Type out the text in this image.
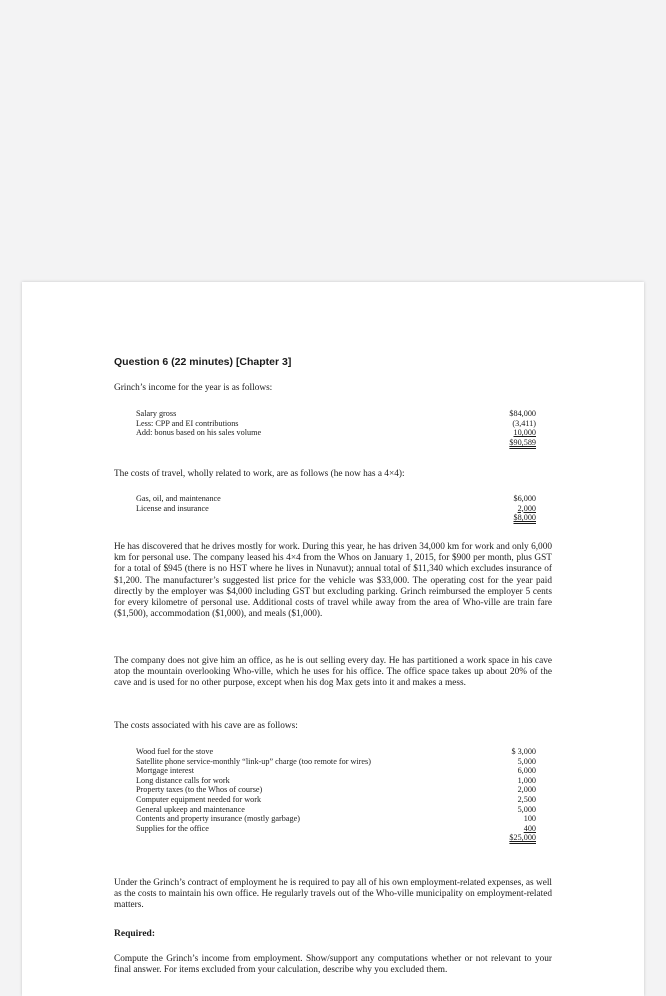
Question 6 (22 minutes) [Chapter 3]

Grinch’s income for the year is as follows:

Salary gross	$84,000
Less: CPP and EI contributions	(3,411)
Add: bonus based on his sales volume	10,000
$90,589

The costs of travel, wholly related to work, are as follows (he now has a 4×4):

Gas, oil, and maintenance	$6,000
License and insurance	2,000
$8,000

He has discovered that he drives mostly for work. During this year, he has driven 34,000 km for work and only 6,000 km for personal use. The company leased his 4×4 from the Whos on January 1, 2015, for $900 per month, plus GST for a total of $945 (there is no HST where he lives in Nunavut); annual total of $11,340 which excludes insurance of $1,200. The manufacturer’s suggested list price for the vehicle was $33,000. The operating cost for the year paid directly by the employer was $4,000 including GST but excluding parking. Grinch reimbursed the employer 5 cents for every kilometre of personal use. Additional costs of travel while away from the area of Who-ville are train fare ($1,500), accommodation ($1,000), and meals ($1,000).

The company does not give him an office, as he is out selling every day. He has partitioned a work space in his cave atop the mountain overlooking Who-ville, which he uses for his office. The office space takes up about 20% of the cave and is used for no other purpose, except when his dog Max gets into it and makes a mess.

The costs associated with his cave are as follows:

Wood fuel for the stove	$ 3,000
Satellite phone service-monthly “link-up” charge (too remote for wires)	5,000
Mortgage interest	6,000
Long distance calls for work	1,000
Property taxes (to the Whos of course)	2,000
Computer equipment needed for work	2,500
General upkeep and maintenance	5,000
Contents and property insurance (mostly garbage)	100
Supplies for the office	400
$25,000

Under the Grinch’s contract of employment he is required to pay all of his own employment-related expenses, as well as the costs to maintain his own office. He regularly travels out of the Who-ville municipality on employment-related matters.

Required:

Compute the Grinch’s income from employment. Show/support any computations whether or not relevant to your final answer. For items excluded from your calculation, describe why you excluded them.
